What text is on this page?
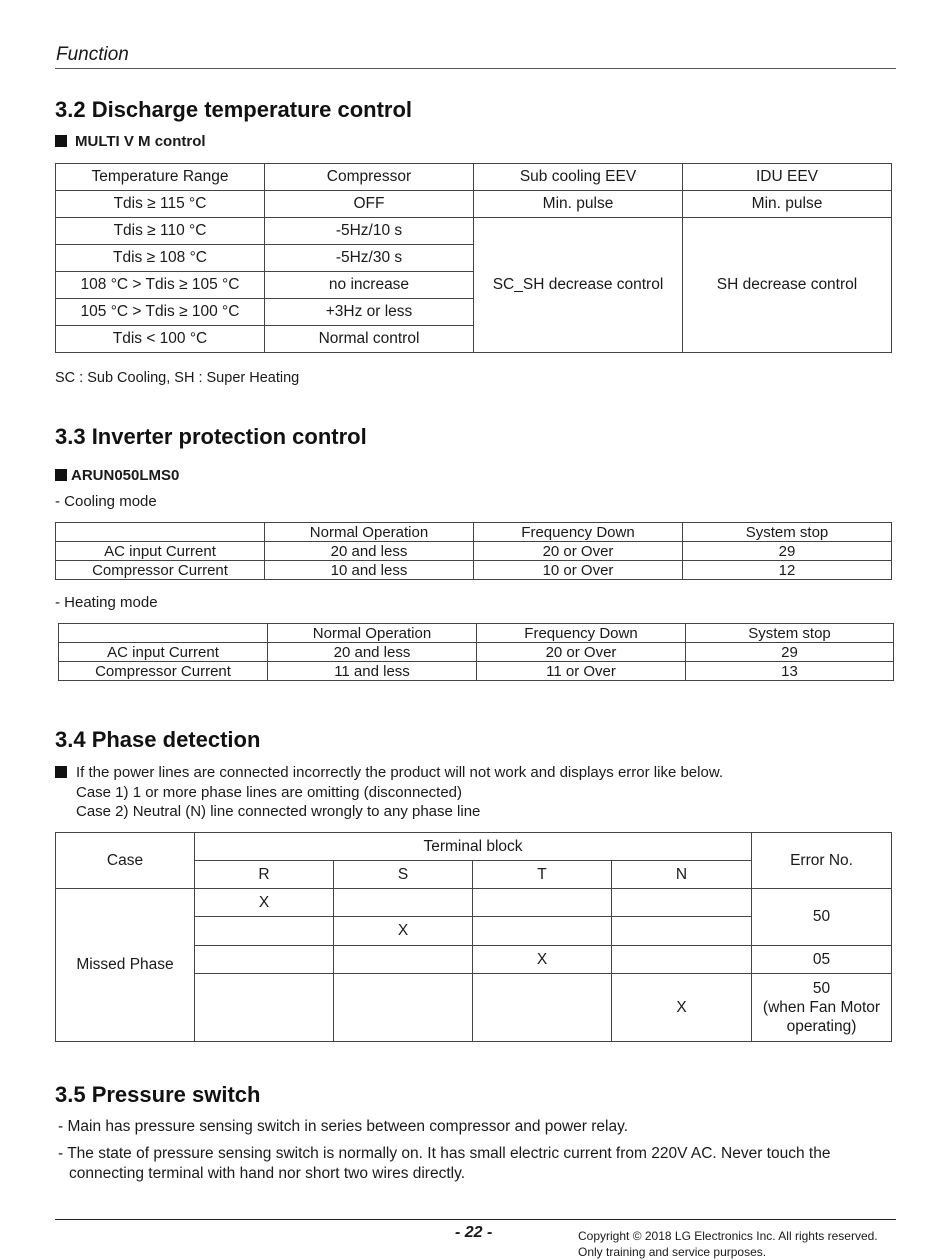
Function
3.2 Discharge temperature control
MULTI V M control
Temperature Range	Compressor	Sub cooling EEV	IDU EEV
Tdis ≥ 115 °C	OFF	Min. pulse	Min. pulse
Tdis ≥ 110 °C	-5Hz/10 s	SC_SH decrease control	SH decrease control
Tdis ≥ 108 °C	-5Hz/30 s		
108 °C > Tdis ≥ 105 °C	no increase		
105 °C > Tdis ≥ 100 °C	+3Hz or less		
Tdis < 100 °C	Normal control		
SC : Sub Cooling, SH : Super Heating
3.3 Inverter protection control
ARUN050LMS0
- Cooling mode
	Normal Operation	Frequency Down	System stop
AC input Current	20 and less	20 or Over	29
Compressor Current	10 and less	10 or Over	12
- Heating mode
	Normal Operation	Frequency Down	System stop
AC input Current	20 and less	20 or Over	29
Compressor Current	11 and less	11 or Over	13
3.4 Phase detection
If the power lines are connected incorrectly the product will not work and displays error like below.
Case 1) 1 or more phase lines are omitting (disconnected)
Case 2) Neutral (N) line connected wrongly to any phase line
Case	Terminal block				Error No.
	R	S	T	N	
Missed Phase	X				50
		X			
			X		05
				X	50
(when Fan Motor
operating)
3.5 Pressure switch
- Main has pressure sensing switch in series between compressor and power relay.
- The state of pressure sensing switch is normally on. It has small electric current from 220V AC. Never touch the
connecting terminal with hand nor short two wires directly.
- 22 -	Copyright © 2018 LG Electronics Inc. All rights reserved.
Only training and service purposes.
